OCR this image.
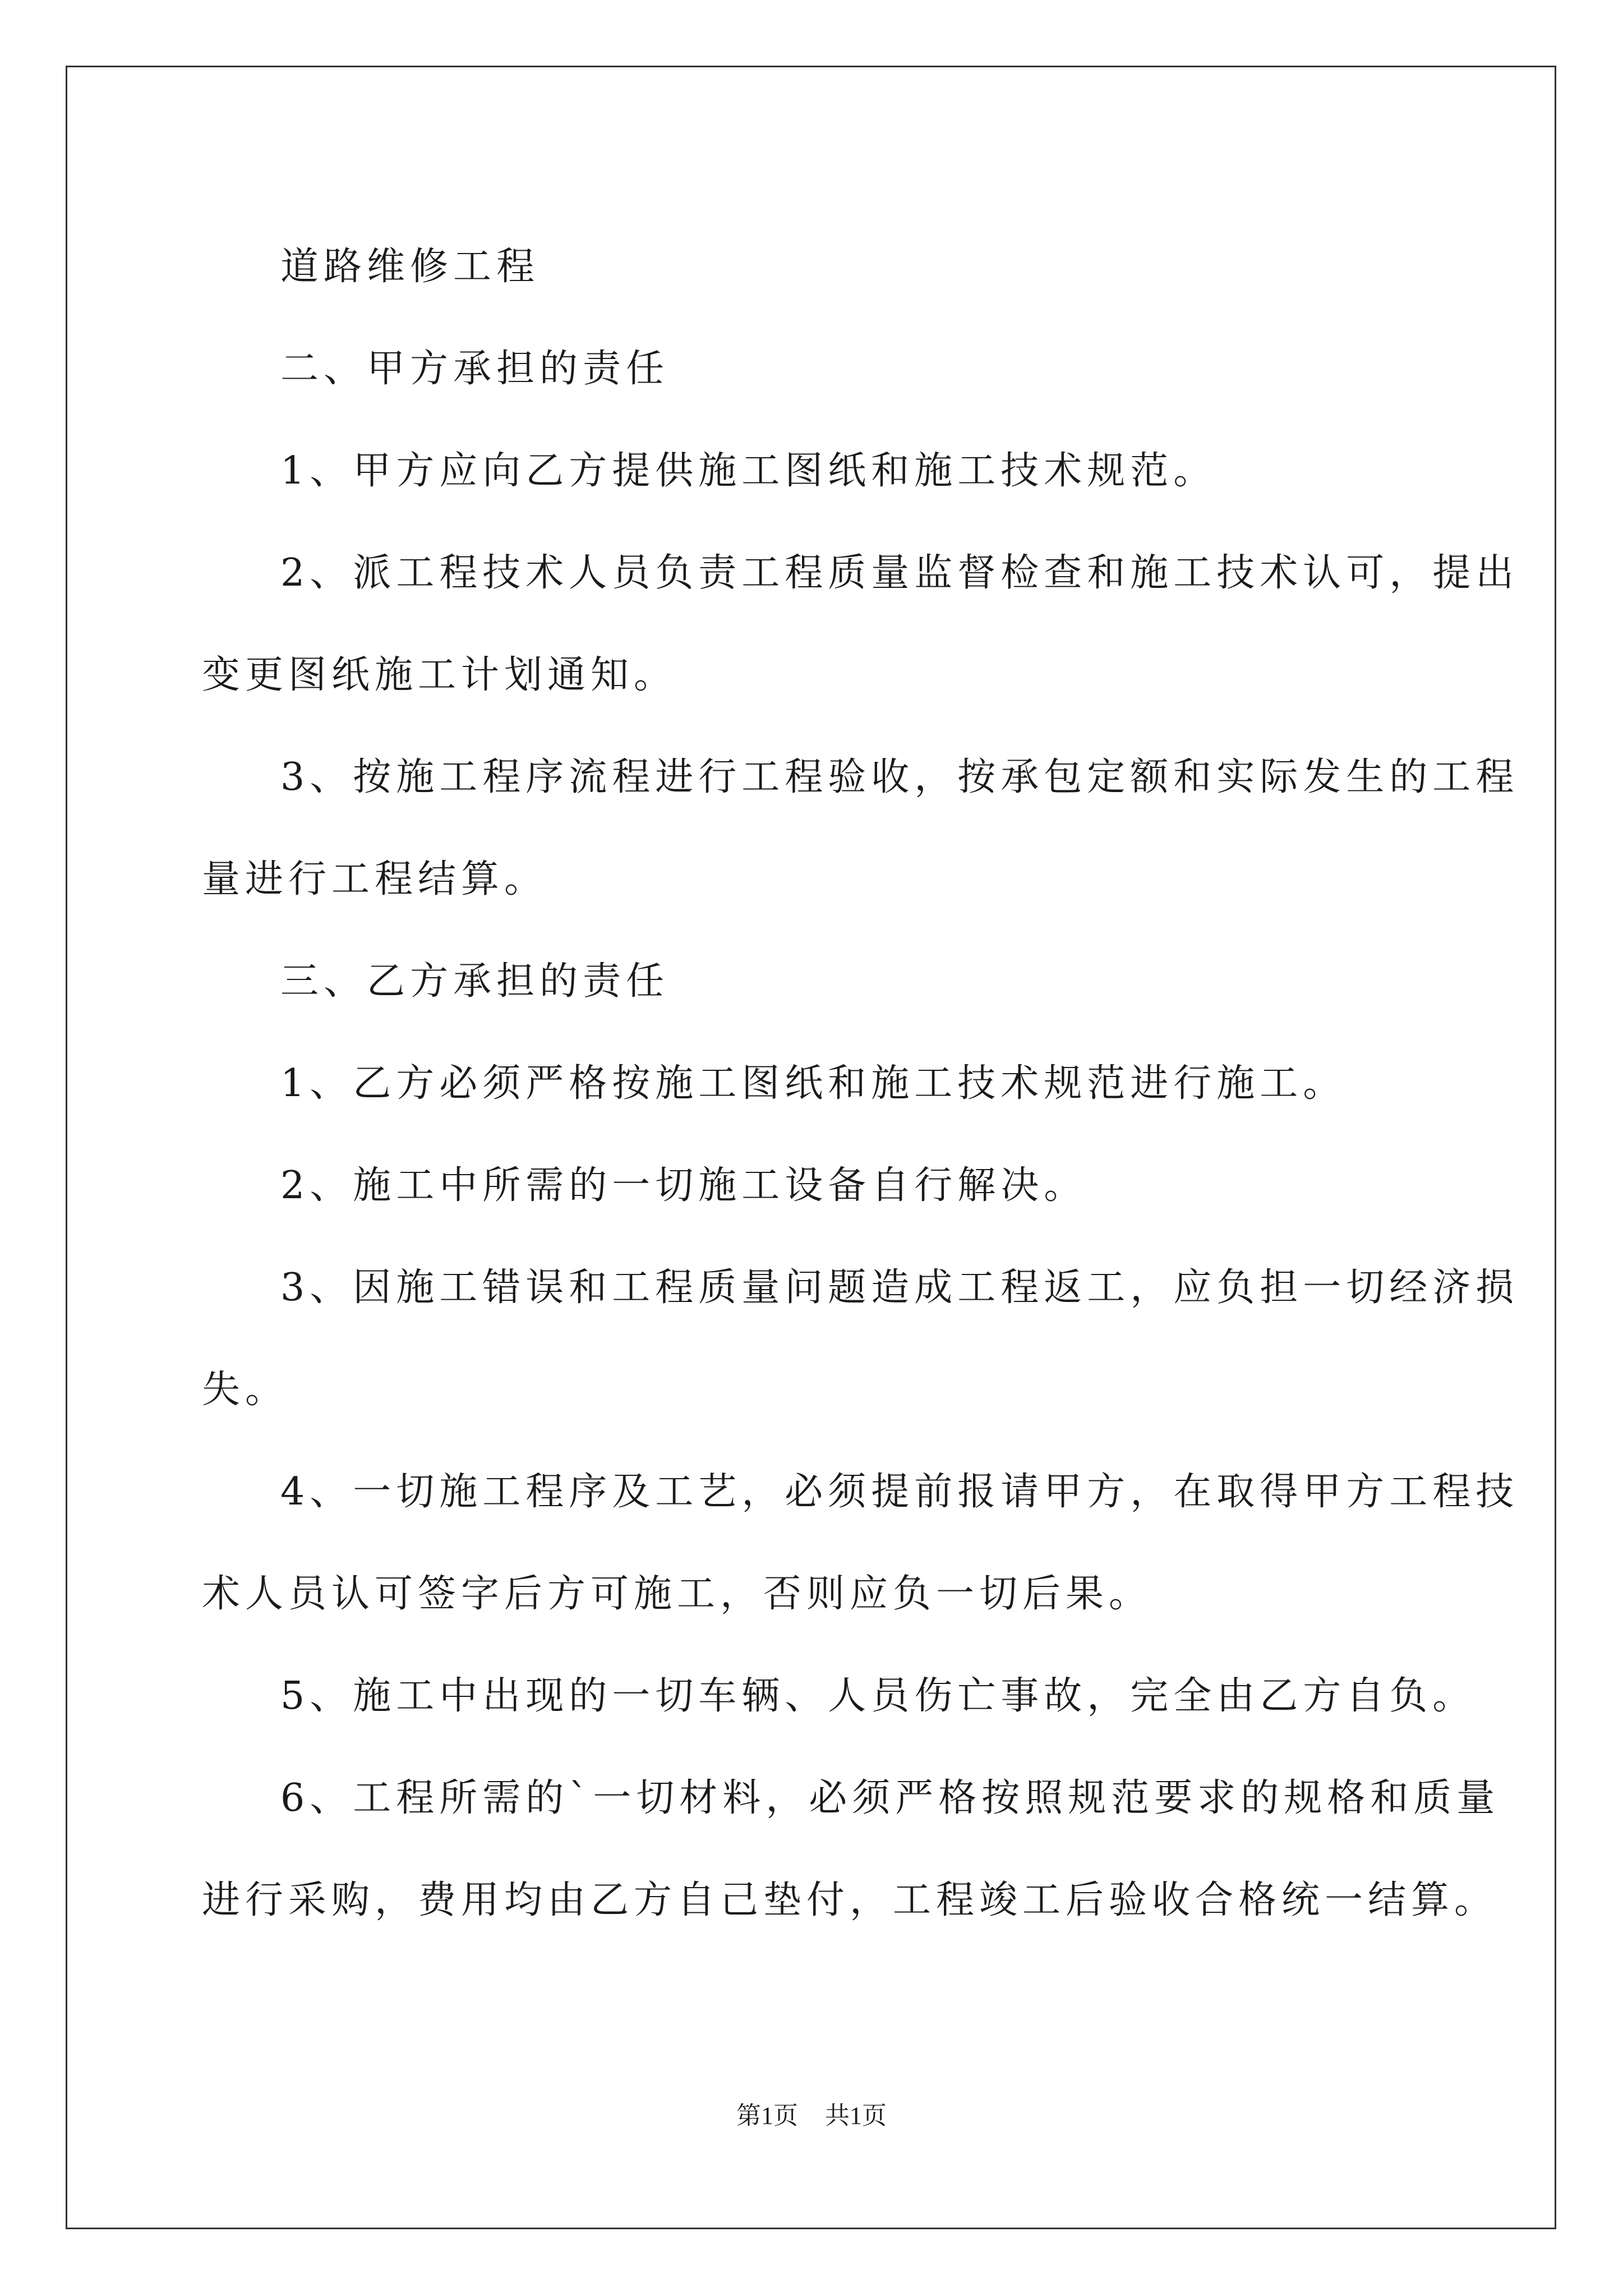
道路维修工程

二、甲方承担的责任

1、甲方应向乙方提供施工图纸和施工技术规范。

2、派工程技术人员负责工程质量监督检查和施工技术认可，提出

变更图纸施工计划通知。

3、按施工程序流程进行工程验收，按承包定额和实际发生的工程

量进行工程结算。

三、乙方承担的责任

1、乙方必须严格按施工图纸和施工技术规范进行施工。

2、施工中所需的一切施工设备自行解决。

3、因施工错误和工程质量问题造成工程返工，应负担一切经济损

失。

4、一切施工程序及工艺，必须提前报请甲方，在取得甲方工程技

术人员认可签字后方可施工，否则应负一切后果。

5、施工中出现的一切车辆、人员伤亡事故，完全由乙方自负。

6、工程所需的`一切材料，必须严格按照规范要求的规格和质量

进行采购，费用均由乙方自己垫付，工程竣工后验收合格统一结算。

第1页 共1页
